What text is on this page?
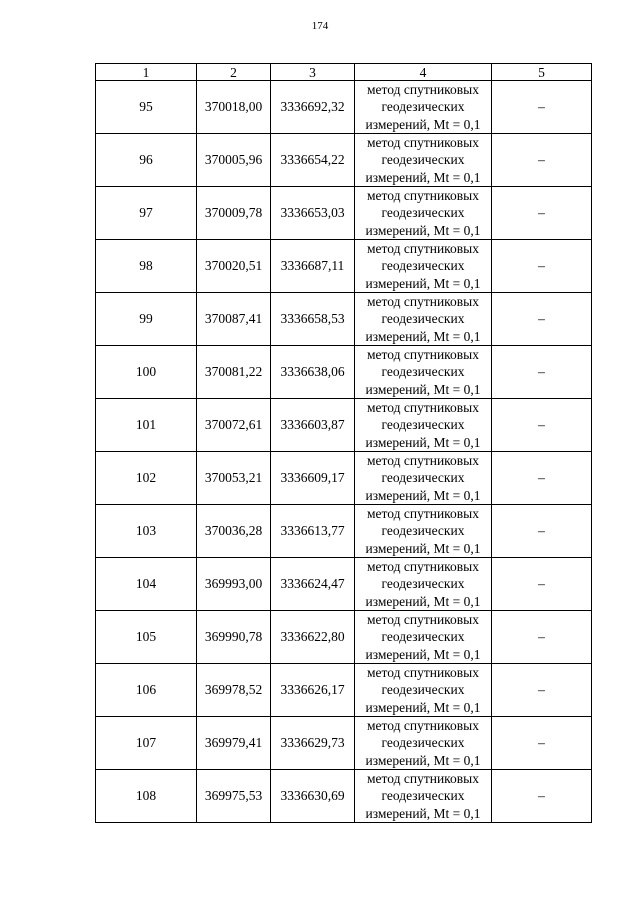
174
1	2	3	4	5
95	370018,00	3336692,32	метод спутниковых
геодезических
измерений, Mt = 0,1	–
96	370005,96	3336654,22	метод спутниковых
геодезических
измерений, Mt = 0,1	–
97	370009,78	3336653,03	метод спутниковых
геодезических
измерений, Mt = 0,1	–
98	370020,51	3336687,11	метод спутниковых
геодезических
измерений, Mt = 0,1	–
99	370087,41	3336658,53	метод спутниковых
геодезических
измерений, Mt = 0,1	–
100	370081,22	3336638,06	метод спутниковых
геодезических
измерений, Mt = 0,1	–
101	370072,61	3336603,87	метод спутниковых
геодезических
измерений, Mt = 0,1	–
102	370053,21	3336609,17	метод спутниковых
геодезических
измерений, Mt = 0,1	–
103	370036,28	3336613,77	метод спутниковых
геодезических
измерений, Mt = 0,1	–
104	369993,00	3336624,47	метод спутниковых
геодезических
измерений, Mt = 0,1	–
105	369990,78	3336622,80	метод спутниковых
геодезических
измерений, Mt = 0,1	–
106	369978,52	3336626,17	метод спутниковых
геодезических
измерений, Mt = 0,1	–
107	369979,41	3336629,73	метод спутниковых
геодезических
измерений, Mt = 0,1	–
108	369975,53	3336630,69	метод спутниковых
геодезических
измерений, Mt = 0,1	–
